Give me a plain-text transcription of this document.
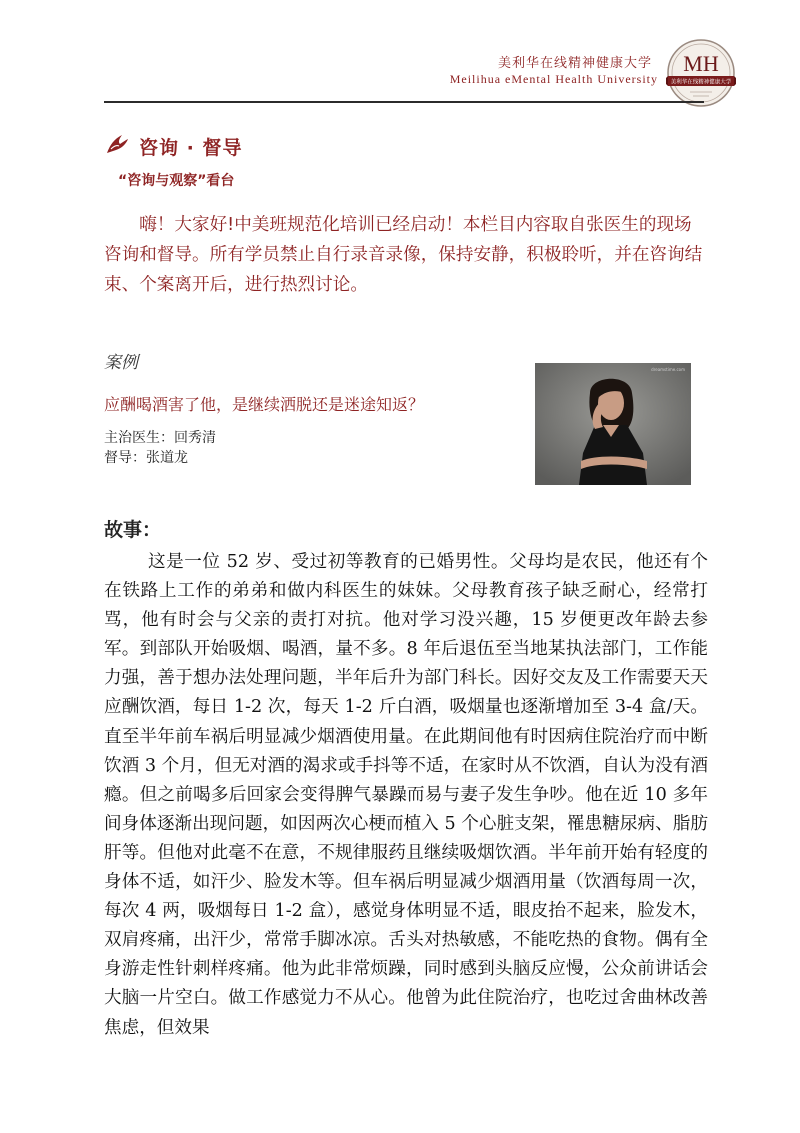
美利华在线精神健康大学
Meilihua eMental Health University
MH
美利华在线精神健康大学
咨询 · 督导
“咨询与观察”看台

嗨！大家好!中美班规范化培训已经启动！本栏目内容取自张医生的现场咨询和督导。所有学员禁止自行录音录像，保持安静，积极聆听，并在咨询结束、个案离开后，进行热烈讨论。

案例
应酬喝酒害了他，是继续洒脱还是迷途知返？
主治医生：回秀清
督导：张道龙
dreamstime.com
故事：

这是一位 52 岁、受过初等教育的已婚男性。父母均是农民，他还有个在铁路上工作的弟弟和做内科医生的妹妹。父母教育孩子缺乏耐心，经常打骂，他有时会与父亲的责打对抗。他对学习没兴趣，15 岁便更改年龄去参军。到部队开始吸烟、喝酒，量不多。8 年后退伍至当地某执法部门，工作能力强，善于想办法处理问题，半年后升为部门科长。因好交友及工作需要天天应酬饮酒，每日 1-2 次，每天 1-2 斤白酒，吸烟量也逐渐增加至 3-4 盒/天。直至半年前车祸后明显减少烟酒使用量。在此期间他有时因病住院治疗而中断饮酒 3 个月，但无对酒的渴求或手抖等不适，在家时从不饮酒，自认为没有酒瘾。但之前喝多后回家会变得脾气暴躁而易与妻子发生争吵。他在近 10 多年间身体逐渐出现问题，如因两次心梗而植入 5 个心脏支架，罹患糖尿病、脂肪肝等。但他对此毫不在意，不规律服药且继续吸烟饮酒。半年前开始有轻度的身体不适，如汗少、脸发木等。但车祸后明显减少烟酒用量（饮酒每周一次，每次 4 两，吸烟每日 1-2 盒），感觉身体明显不适，眼皮抬不起来，脸发木，双肩疼痛，出汗少，常常手脚冰凉。舌头对热敏感，不能吃热的食物。偶有全身游走性针刺样疼痛。他为此非常烦躁，同时感到头脑反应慢，公众前讲话会大脑一片空白。做工作感觉力不从心。他曾为此住院治疗，也吃过舍曲林改善焦虑，但效果
